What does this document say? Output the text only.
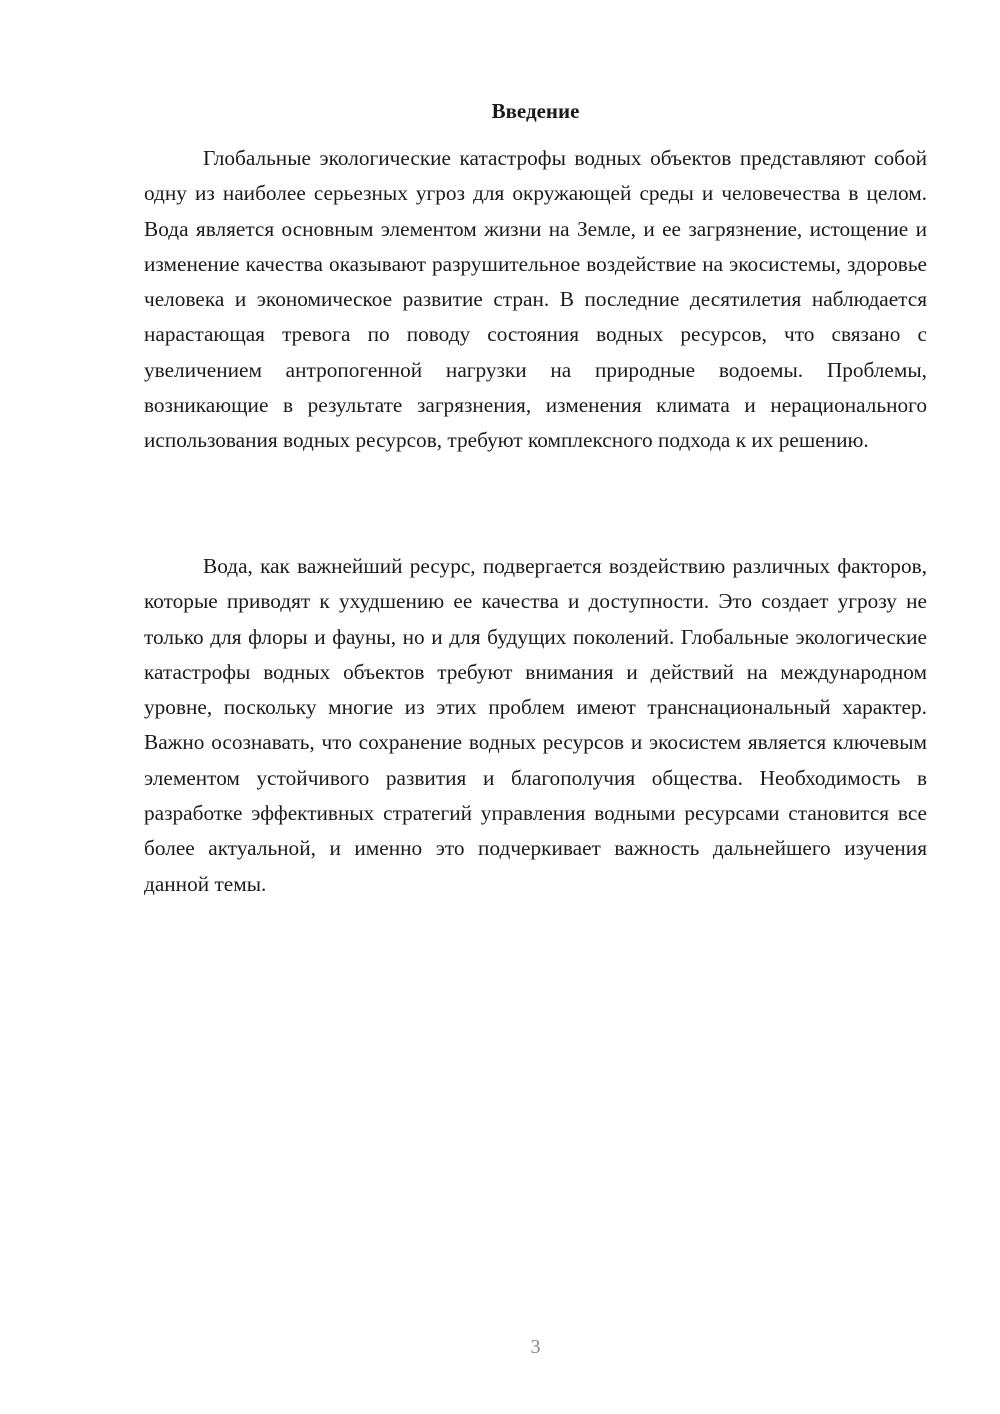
Введение

Глобальные экологические катастрофы водных объектов представляют собой одну из наиболее серьезных угроз для окружающей среды и человечества в целом. Вода является основным элементом жизни на Земле, и ее загрязнение, истощение и изменение качества оказывают разрушительное воздействие на экосистемы, здоровье человека и экономическое развитие стран. В последние десятилетия наблюдается нарастающая тревога по поводу состояния водных ресурсов, что связано с увеличением антропогенной нагрузки на природные водоемы. Проблемы, возникающие в результате загрязнения, изменения климата и нерационального использования водных ресурсов, требуют комплексного подхода к их решению.

Вода, как важнейший ресурс, подвергается воздействию различных факторов, которые приводят к ухудшению ее качества и доступности. Это создает угрозу не только для флоры и фауны, но и для будущих поколений. Глобальные экологические катастрофы водных объектов требуют внимания и действий на международном уровне, поскольку многие из этих проблем имеют транснациональный характер. Важно осознавать, что сохранение водных ресурсов и экосистем является ключевым элементом устойчивого развития и благополучия общества. Необходимость в разработке эффективных стратегий управления водными ресурсами становится все более актуальной, и именно это подчеркивает важность дальнейшего изучения данной темы.

3
